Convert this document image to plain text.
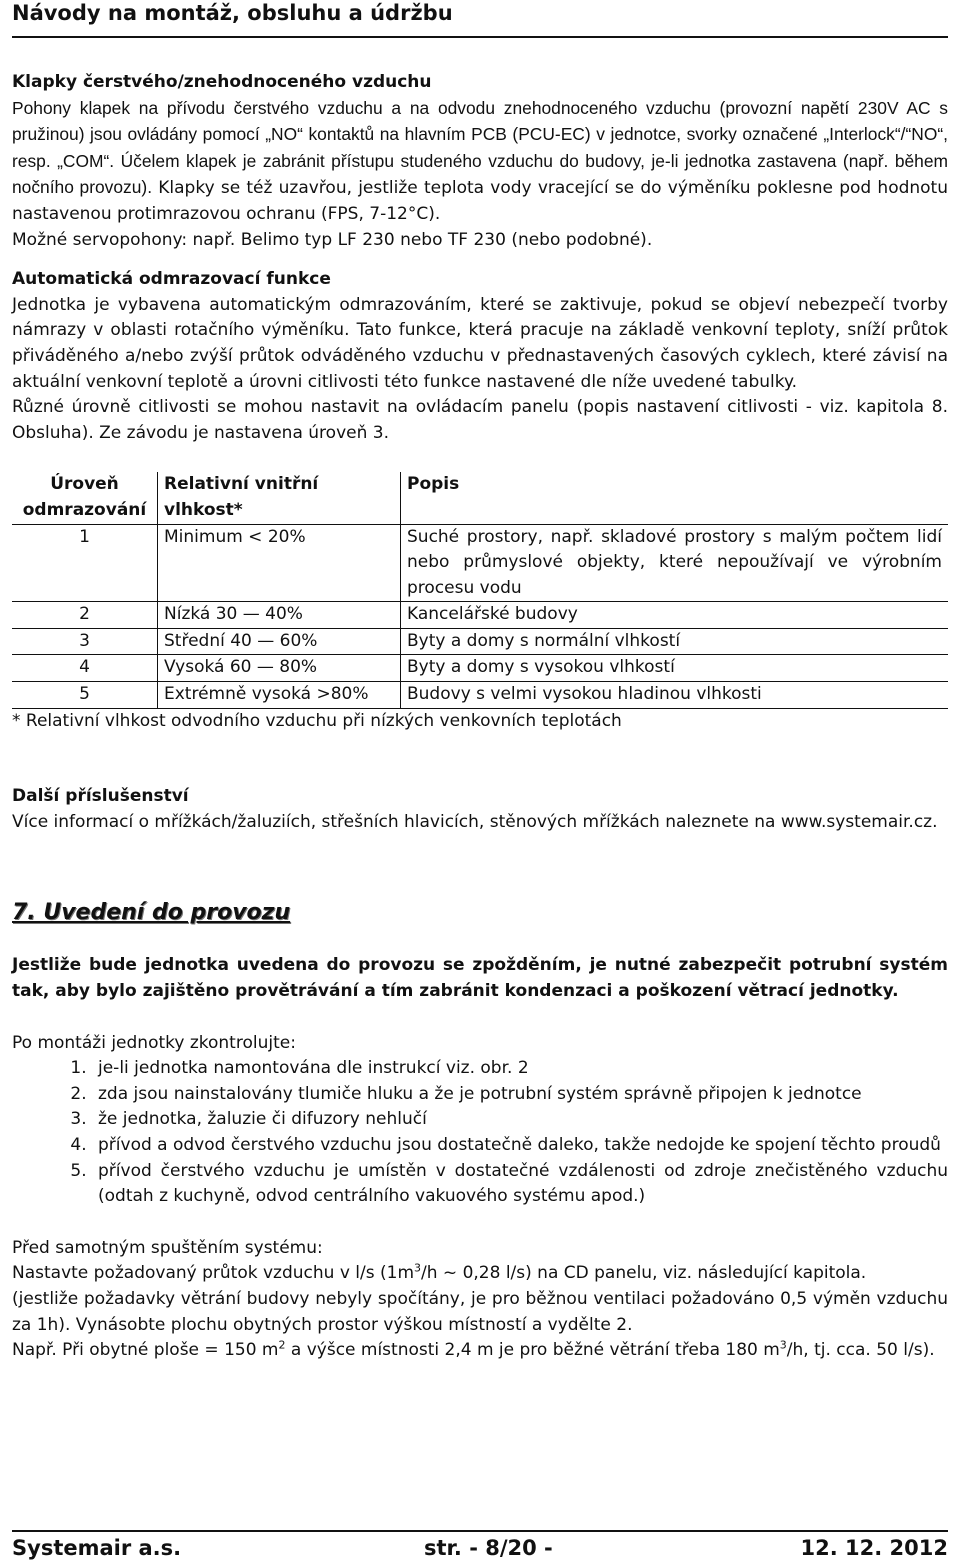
Návody na montáž, obsluhu a údržbu

Klapky čerstvého/znehodnoceného vzduchu

Pohony klapek na přívodu čerstvého vzduchu a na odvodu znehodnoceného vzduchu (provozní napětí 230V AC s pružinou) jsou ovládány pomocí „NO“ kontaktů na hlavním PCB (PCU-EC) v jednotce, svorky označené „Interlock“/“NO“, resp. „COM“. Účelem klapek je zabránit přístupu studeného vzduchu do budovy, je-li jednotka zastavena (např. během nočního provozu). Klapky se též uzavřou, jestliže teplota vody vracející se do výměníku poklesne pod hodnotu nastavenou protimrazovou ochranu (FPS, 7-12°C).

Možné servopohony: např. Belimo typ LF 230 nebo TF 230 (nebo podobné).

Automatická odmrazovací funkce

Jednotka je vybavena automatickým odmrazováním, které se zaktivuje, pokud se objeví nebezpečí tvorby námrazy v oblasti rotačního výměníku. Tato funkce, která pracuje na základě venkovní teploty, sníží průtok přiváděného a/nebo zvýší průtok odváděného vzduchu v přednastavených časových cyklech, které závisí na aktuální venkovní teplotě a úrovni citlivosti této funkce nastavené dle níže uvedené tabulky.

Různé úrovně citlivosti se mohou nastavit na ovládacím panelu (popis nastavení citlivosti - viz. kapitola 8. Obsluha). Ze závodu je nastavena úroveň 3.

Úroveň odmrazování	Relativní vnitřní vlhkost*	Popis
1	Minimum < 20%	Suché prostory, např. skladové prostory s malým počtem lidí nebo průmyslové objekty, které nepoužívají ve výrobním procesu vodu
2	Nízká 30 — 40%	Kancelářské budovy
3	Střední 40 — 60%	Byty a domy s normální vlhkostí
4	Vysoká 60 — 80%	Byty a domy s vysokou vlhkostí
5	Extrémně vysoká >80%	Budovy s velmi vysokou hladinou vlhkosti

* Relativní vlhkost odvodního vzduchu při nízkých venkovních teplotách

Další příslušenství

Více informací o mřížkách/žaluziích, střešních hlavicích, stěnových mřížkách naleznete na www.systemair.cz.

7. Uvedení do provozu

Jestliže bude jednotka uvedena do provozu se zpožděním, je nutné zabezpečit potrubní systém tak, aby bylo zajištěno provětrávání a tím zabránit kondenzaci a poškození větrací jednotky.

Po montáži jednotky zkontrolujte:

1. je-li jednotka namontována dle instrukcí viz. obr. 2
2. zda jsou nainstalovány tlumiče hluku a že je potrubní systém správně připojen k jednotce
3. že jednotka, žaluzie či difuzory nehlučí
4. přívod a odvod čerstvého vzduchu jsou dostatečně daleko, takže nedojde ke spojení těchto proudů
5. přívod čerstvého vzduchu je umístěn v dostatečné vzdálenosti od zdroje znečistěného vzduchu (odtah z kuchyně, odvod centrálního vakuového systému apod.)

Před samotným spuštěním systému:

Nastavte požadovaný průtok vzduchu v l/s ($1m^3/h$ ~ 0,28 l/s) na CD panelu, viz. následující kapitola.

(jestliže požadavky větrání budovy nebyly spočítány, je pro běžnou ventilaci požadováno 0,5 výměn vzduchu za 1h). Vynásobte plochu obytných prostor výškou místností a vydělte 2.

Např. Při obytné ploše = 150 $m^2$ a výšce místnosti 2,4 m je pro běžné větrání třeba 180 $m^3/h$, tj. cca. 50 l/s).

Systemair a.s.	str. - 8/20 -	12. 12. 2012
